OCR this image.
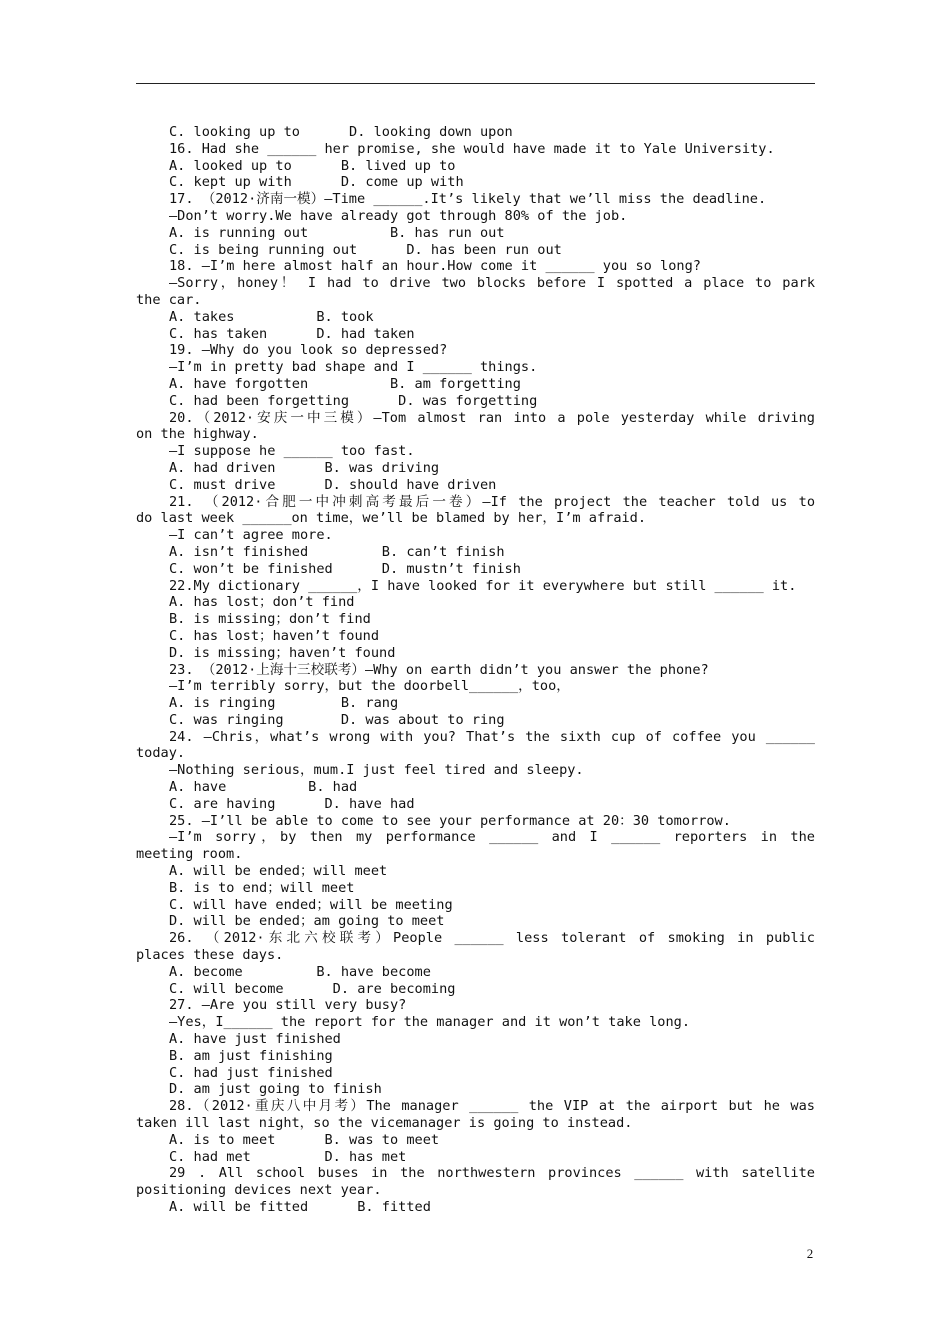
C. looking up to      D. looking down upon
16. Had she ______ her promise, she would have made it to Yale University.
A. looked up to      B. lived up to
C. kept up with      D. come up with
17. （2012·济南一模）—Time ______.It’s likely that we’ll miss the deadline.
—Don’t worry.We have already got through 80% of the job.
A. is running out          B. has run out
C. is being running out      D. has been run out
18. —I’m here almost half an hour.How come it ______ you so long?
—Sorry，honey！ I had to drive two blocks before I spotted a place to park
the car.
A. takes          B. took
C. has taken      D. had taken
19. —Why do you look so depressed?
—I’m in pretty bad shape and I ______ things.
A. have forgotten          B. am forgetting
C. had been forgetting      D. was forgetting
20.（2012·安庆一中三模）—Tom almost ran into a pole yesterday while driving
on the highway.
—I suppose he ______ too fast.
A. had driven      B. was driving
C. must drive      D. should have driven
21. （2012·合肥一中冲刺高考最后一卷）—If the project the teacher told us to
do last week ______on time，we’ll be blamed by her，I’m afraid.
—I can’t agree more.
A. isn’t finished         B. can’t finish
C. won’t be finished      D. mustn’t finish
22.My dictionary ______，I have looked for it everywhere but still ______ it.
A. has lost；don’t find
B. is missing；don’t find
C. has lost；haven’t found
D. is missing；haven’t found
23. （2012·上海十三校联考）—Why on earth didn’t you answer the phone?
—I’m terribly sorry，but the doorbell______，too，
A. is ringing        B. rang
C. was ringing       D. was about to ring
24. —Chris，what’s wrong with you? That’s the sixth cup of coffee you ______
today.
—Nothing serious，mum.I just feel tired and sleepy.
A. have          B. had
C. are having      D. have had
25. —I’ll be able to come to see your performance at 20：30 tomorrow.
—I’m sorry，by then my performance ______ and I ______ reporters in the
meeting room.
A. will be ended；will meet
B. is to end；will meet
C. will have ended；will be meeting
D. will be ended；am going to meet
26. （2012·东北六校联考）People ______ less tolerant of smoking in public
places these days.
A. become         B. have become
C. will become      D. are becoming
27. —Are you still very busy?
—Yes，I______ the report for the manager and it won’t take long.
A. have just finished
B. am just finishing
C. had just finished
D. am just going to finish
28.（2012·重庆八中月考）The manager ______ the VIP at the airport but he was
taken ill last night，so the vicemanager is going to instead.
A. is to meet      B. was to meet
C. had met         D. has met
29 . All school buses in the northwestern provinces ______ with satellite
positioning devices next year.
A. will be fitted      B. fitted
2
